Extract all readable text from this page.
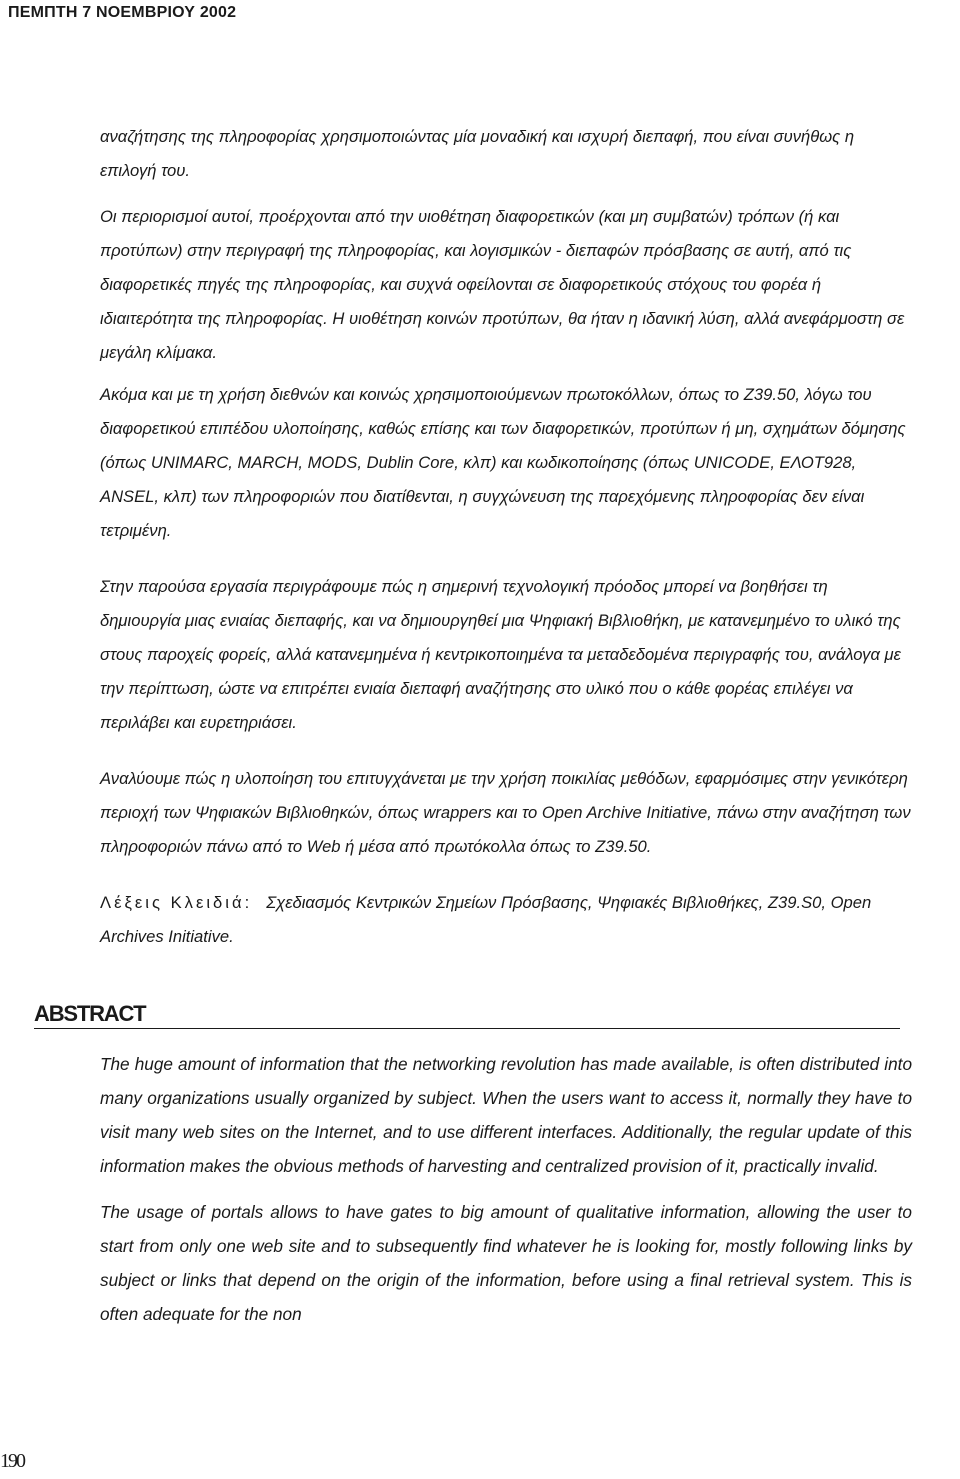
ΠΕΜΠΤΗ 7 ΝΟΕΜΒΡΙΟΥ 2002

αναζήτησης της πληροφορίας χρησιμοποιώντας μία μοναδική και ισχυρή διεπαφή, που είναι συνήθως η επιλογή του.

Οι περιορισμοί αυτοί, προέρχονται από την υιοθέτηση διαφορετικών (και μη συμβατών) τρόπων (ή και προτύπων) στην περιγραφή της πληροφορίας, και λογισμικών - διεπαφών πρόσβασης σε αυτή, από τις διαφορετικές πηγές της πληροφορίας, και συχνά οφείλονται σε διαφορετικούς στόχους του φορέα ή ιδιαιτερότητα της πληροφορίας. Η υιοθέτηση κοινών προτύπων, θα ήταν η ιδανική λύση, αλλά ανεφάρμοστη σε μεγάλη κλίμακα.

Ακόμα και με τη χρήση διεθνών και κοινώς χρησιμοποιούμενων πρωτοκόλλων, όπως το Z39.50, λόγω του διαφορετικού επιπέδου υλοποίησης, καθώς επίσης και των διαφορετικών, προτύπων ή μη, σχημάτων δόμησης (όπως UNIMARC, MARCH, MODS, Dublin Core, κλπ) και κωδικοποίησης (όπως UNICODE, ΕΛΟΤ928, ANSEL, κλπ) των πληροφοριών που διατίθενται, η συγχώνευση της παρεχόμενης πληροφορίας δεν είναι τετριμένη.

Στην παρούσα εργασία περιγράφουμε πώς η σημερινή τεχνολογική πρόοδος μπορεί να βοηθήσει τη δημιουργία μιας ενιαίας διεπαφής, και να δημιουργηθεί μια Ψηφιακή Βιβλιοθήκη, με κατανεμημένο το υλικό της στους παροχείς φορείς, αλλά κατανεμημένα ή κεντρικοποιημένα τα μεταδεδομένα περιγραφής του, ανάλογα με την περίπτωση, ώστε να επιτρέπει ενιαία διεπαφή αναζήτησης στο υλικό που ο κάθε φορέας επιλέγει να περιλάβει και ευρετηριάσει.

Αναλύουμε πώς η υλοποίηση του επιτυγχάνεται με την χρήση ποικιλίας μεθόδων, εφαρμόσιμες στην γενικότερη περιοχή των Ψηφιακών Βιβλιοθηκών, όπως wrappers και το Open Archive Initiative, πάνω στην αναζήτηση των πληροφοριών πάνω από το Web ή μέσα από πρωτόκολλα όπως το Z39.50.

Λέξεις Κλειδιά: Σχεδιασμός Κεντρικών Σημείων Πρόσβασης, Ψηφιακές Βιβλιοθήκες, Z39.S0, Open Archives Initiative.

ABSTRACT

The huge amount of information that the networking revolution has made available, is often distributed into many organizations usually organized by subject. When the users want to access it, normally they have to visit many web sites on the Internet, and to use different interfaces. Additionally, the regular update of this information makes the obvious methods of harvesting and centralized provision of it, practically invalid.

The usage of portals allows to have gates to big amount of qualitative information, allowing the user to start from only one web site and to subsequently find whatever he is looking for, mostly following links by subject or links that depend on the origin of the information, before using a final retrieval system. This is often adequate for the non

190
